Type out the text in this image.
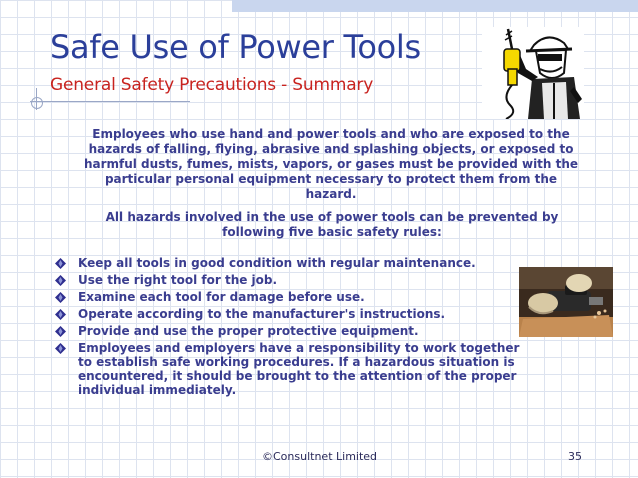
Safe Use of Power Tools
General Safety Precautions - Summary

Employees who use hand and power tools and who are exposed to the hazards of falling, flying, abrasive and splashing objects, or exposed to harmful dusts, fumes, mists, vapors, or gases must be provided with the particular personal equipment necessary to protect them from the hazard.

All hazards involved in the use of power tools can be prevented by following five basic safety rules:

Keep all tools in good condition with regular maintenance.
Use the right tool for the job.
Examine each tool for damage before use.
Operate according to the manufacturer's instructions.
Provide and use the proper protective equipment.
Employees and employers have a responsibility to work together to establish safe working procedures. If a hazardous situation is encountered, it should be brought to the attention of the proper individual immediately.
©Consultnet Limited	35
